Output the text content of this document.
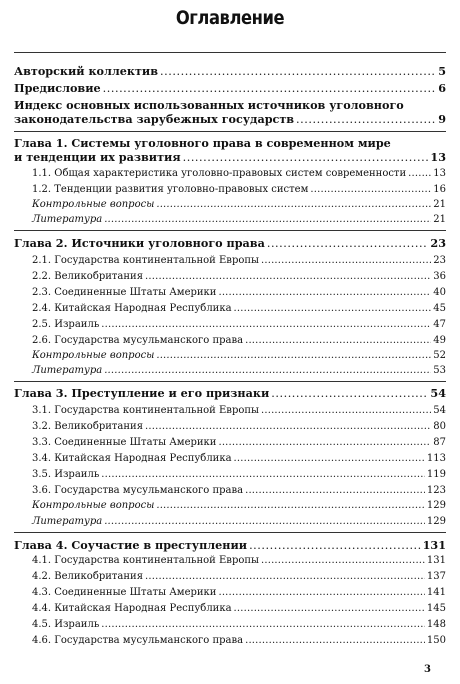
Оглавление
Авторский коллектив . . .	5
Предисловие . . .	6
Индекс основных использованных источников уголовного
законодательства зарубежных государств . . .	9
Глава 1. Системы уголовного права в современном мире
и тенденции их развития . . .	13
1.1. Общая характеристика уголовно-правовых систем современности . . .	13
1.2. Тенденции развития уголовно-правовых систем . . .	16
Контрольные вопросы . . .	21
Литература . . .	21
Глава 2. Источники уголовного права . . .	23
2.1. Государства континентальной Европы . . .	23
2.2. Великобритания . . .	36
2.3. Соединенные Штаты Америки . . .	40
2.4. Китайская Народная Республика . . .	45
2.5. Израиль . . .	47
2.6. Государства мусульманского права . . .	49
Контрольные вопросы . . .	52
Литература . . .	53
Глава 3. Преступление и его признаки . . .	54
3.1. Государства континентальной Европы . . .	54
3.2. Великобритания . . .	80
3.3. Соединенные Штаты Америки . . .	87
3.4. Китайская Народная Республика . . .	113
3.5. Израиль . . .	119
3.6. Государства мусульманского права . . .	123
Контрольные вопросы . . .	129
Литература . . .	129
Глава 4. Соучастие в преступлении . . .	131
4.1. Государства континентальной Европы . . .	131
4.2. Великобритания . . .	137
4.3. Соединенные Штаты Америки . . .	141
4.4. Китайская Народная Республика . . .	145
4.5. Израиль . . .	148
4.6. Государства мусульманского права . . .	150
3
